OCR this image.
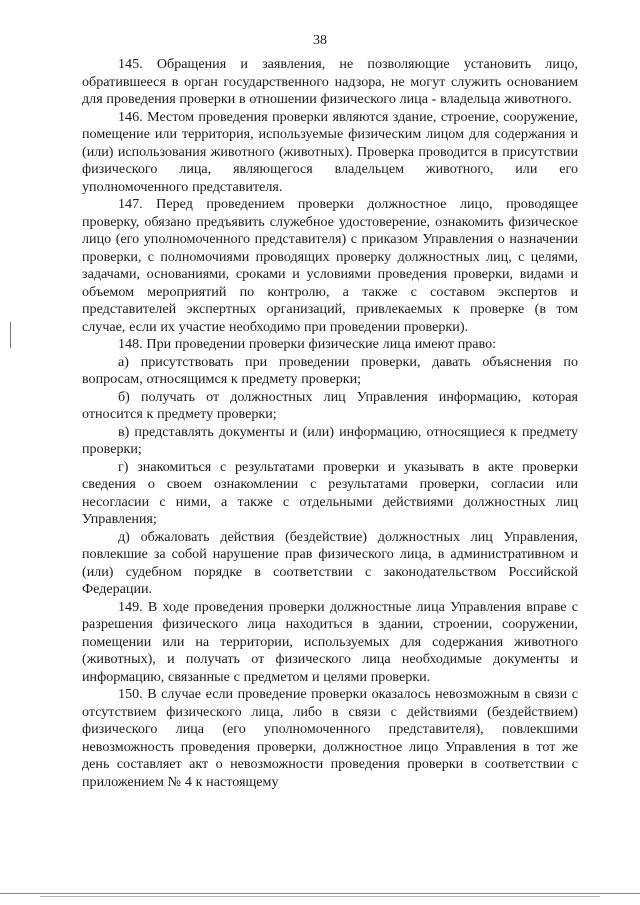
38

145. Обращения и заявления, не позволяющие установить лицо, обратившееся в орган государственного надзора, не могут служить основанием для проведения проверки в отношении физического лица - владельца животного.

146. Местом проведения проверки являются здание, строение, сооружение, помещение или территория, используемые физическим лицом для содержания и (или) использования животного (животных). Проверка проводится в присутствии физического лица, являющегося владельцем животного, или его уполномоченного представителя.

147. Перед проведением проверки должностное лицо, проводящее проверку, обязано предъявить служебное удостоверение, ознакомить физическое лицо (его уполномоченного представителя) с приказом Управления о назначении проверки, с полномочиями проводящих проверку должностных лиц, с целями, задачами, основаниями, сроками и условиями проведения проверки, видами и объемом мероприятий по контролю, а также с составом экспертов и представителей экспертных организаций, привлекаемых к проверке (в том случае, если их участие необходимо при проведении проверки).

148. При проведении проверки физические лица имеют право:

а) присутствовать при проведении проверки, давать объяснения по вопросам, относящимся к предмету проверки;

б) получать от должностных лиц Управления информацию, которая относится к предмету проверки;

в) представлять документы и (или) информацию, относящиеся к предмету проверки;

г) знакомиться с результатами проверки и указывать в акте проверки сведения о своем ознакомлении с результатами проверки, согласии или несогласии с ними, а также с отдельными действиями должностных лиц Управления;

д) обжаловать действия (бездействие) должностных лиц Управления, повлекшие за собой нарушение прав физического лица, в административном и (или) судебном порядке в соответствии с законодательством Российской Федерации.

149. В ходе проведения проверки должностные лица Управления вправе с разрешения физического лица находиться в здании, строении, сооружении, помещении или на территории, используемых для содержания животного (животных), и получать от физического лица необходимые документы и информацию, связанные с предметом и целями проверки.

150. В случае если проведение проверки оказалось невозможным в связи с отсутствием физического лица, либо в связи с действиями (бездействием) физического лица (его уполномоченного представителя), повлекшими невозможность проведения проверки, должностное лицо Управления в тот же день составляет акт о невозможности проведения проверки в соответствии с приложением № 4 к настоящему
